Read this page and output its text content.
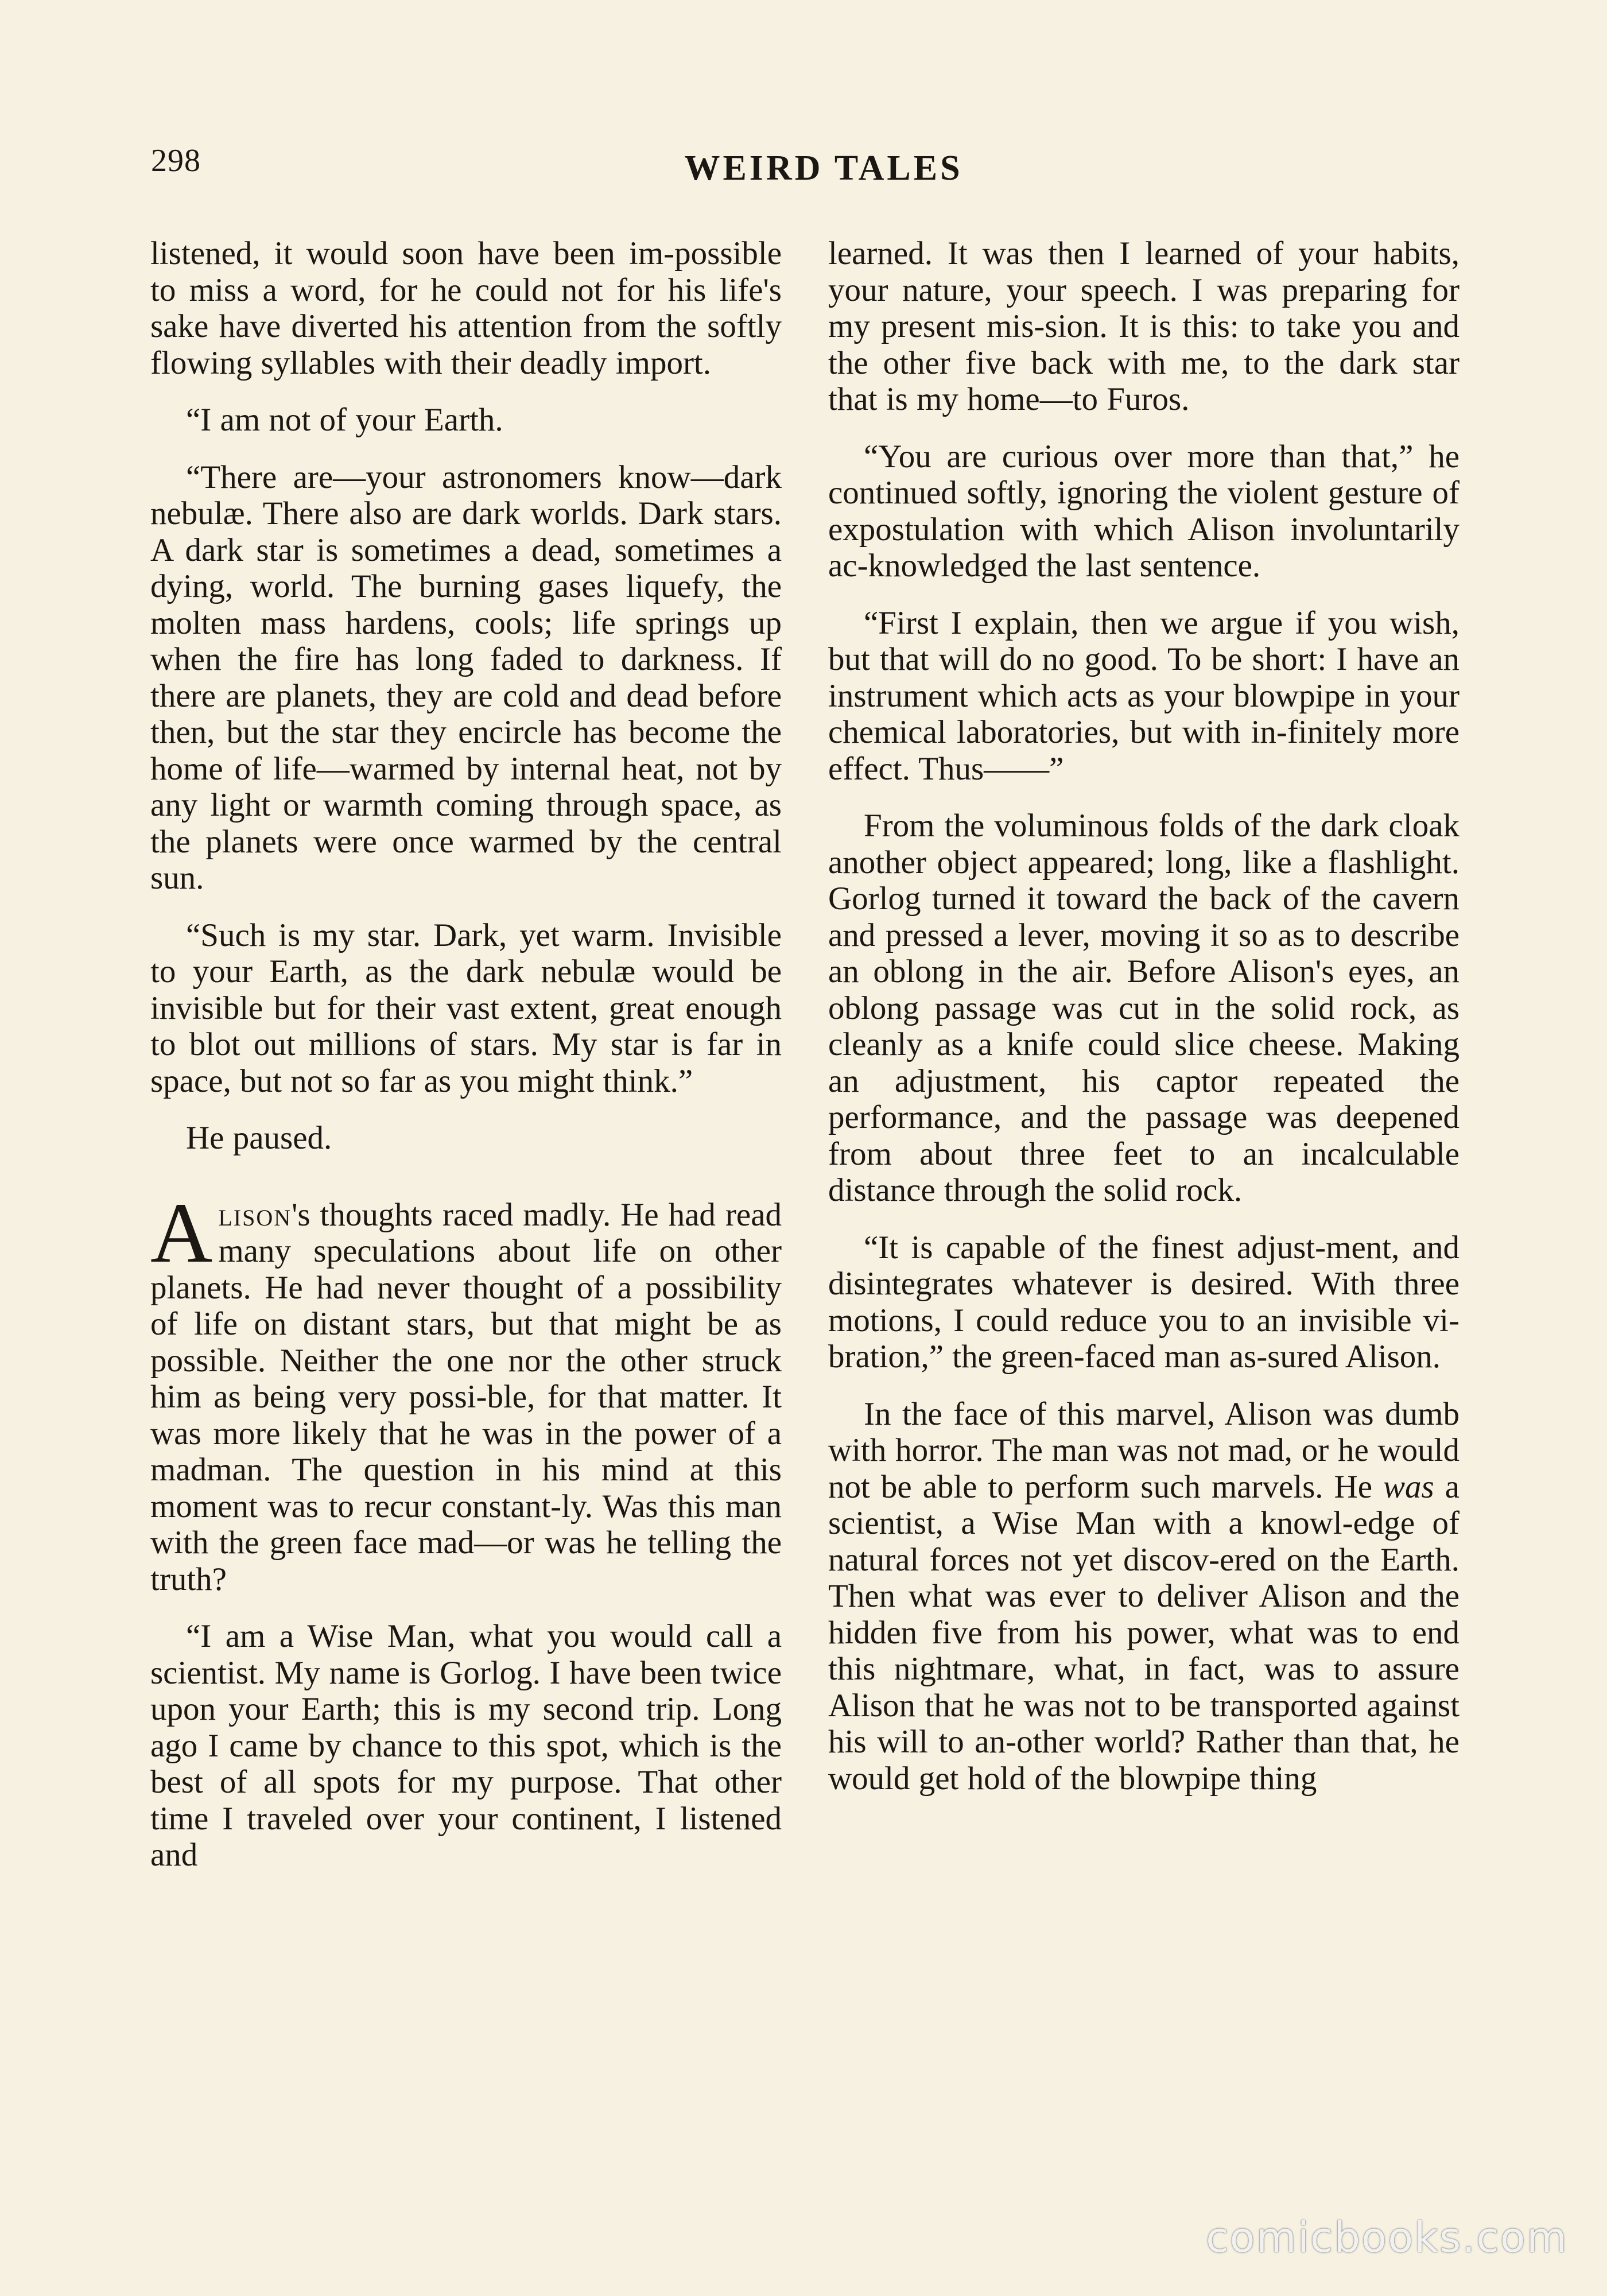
298	WEIRD TALES

listened, it would soon have been im-possible to miss a word, for he could not for his life's sake have diverted his attention from the softly flowing syllables with their deadly import.

“I am not of your Earth.

“There are—your astronomers know—dark nebulæ. There also are dark worlds. Dark stars. A dark star is sometimes a dead, sometimes a dying, world. The burning gases liquefy, the molten mass hardens, cools; life springs up when the fire has long faded to darkness. If there are planets, they are cold and dead before then, but the star they encircle has become the home of life—warmed by internal heat, not by any light or warmth coming through space, as the planets were once warmed by the central sun.

“Such is my star. Dark, yet warm. Invisible to your Earth, as the dark nebulæ would be invisible but for their vast extent, great enough to blot out millions of stars. My star is far in space, but not so far as you might think.”

He paused.

Alison's thoughts raced madly. He had read many speculations about life on other planets. He had never thought of a possibility of life on distant stars, but that might be as possible. Neither the one nor the other struck him as being very possi-ble, for that matter. It was more likely that he was in the power of a madman. The question in his mind at this moment was to recur constant-ly. Was this man with the green face mad—or was he telling the truth?

“I am a Wise Man, what you would call a scientist. My name is Gorlog. I have been twice upon your Earth; this is my second trip. Long ago I came by chance to this spot, which is the best of all spots for my purpose. That other time I traveled over your continent, I listened and

learned. It was then I learned of your habits, your nature, your speech. I was preparing for my present mis-sion. It is this: to take you and the other five back with me, to the dark star that is my home—to Furos.

“You are curious over more than that,” he continued softly, ignoring the violent gesture of expostulation with which Alison involuntarily ac-knowledged the last sentence.

“First I explain, then we argue if you wish, but that will do no good. To be short: I have an instrument which acts as your blowpipe in your chemical laboratories, but with in-finitely more effect. Thus——”

From the voluminous folds of the dark cloak another object appeared; long, like a flashlight. Gorlog turned it toward the back of the cavern and pressed a lever, moving it so as to describe an oblong in the air. Before Alison's eyes, an oblong passage was cut in the solid rock, as cleanly as a knife could slice cheese. Making an adjustment, his captor repeated the performance, and the passage was deepened from about three feet to an incalculable distance through the solid rock.

“It is capable of the finest adjust-ment, and disintegrates whatever is desired. With three motions, I could reduce you to an invisible vi-bration,” the green-faced man as-sured Alison.

In the face of this marvel, Alison was dumb with horror. The man was not mad, or he would not be able to perform such marvels. He was a scientist, a Wise Man with a knowl-edge of natural forces not yet discov-ered on the Earth. Then what was ever to deliver Alison and the hidden five from his power, what was to end this nightmare, what, in fact, was to assure Alison that he was not to be transported against his will to an-other world? Rather than that, he would get hold of the blowpipe thing

comicbooks.com
